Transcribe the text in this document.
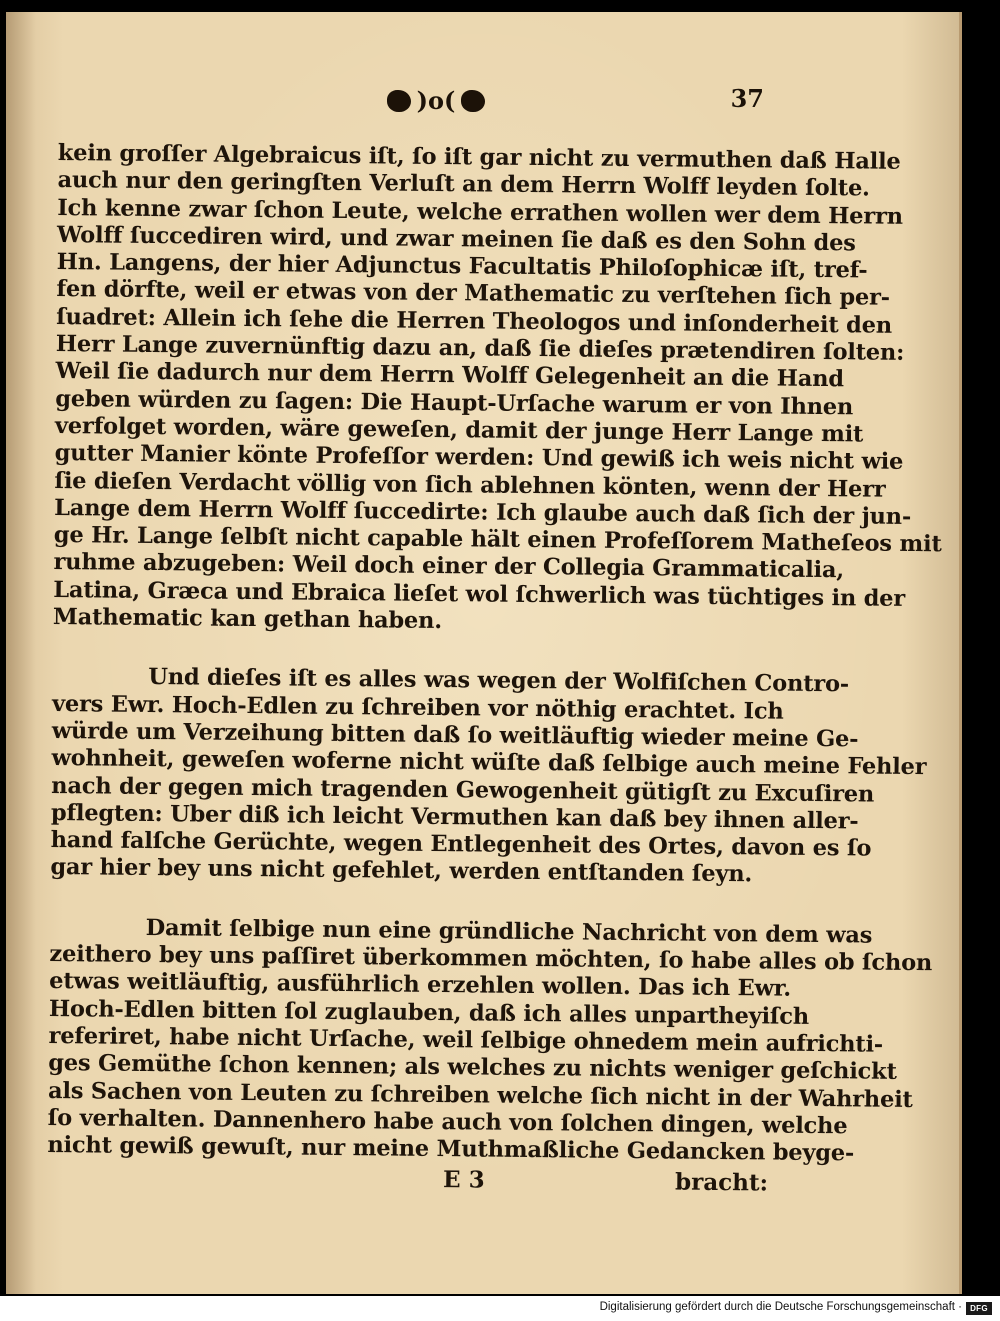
)o(	37
kein groſſer Algebraicus iſt, ſo iſt gar nicht zu vermuthen daß Halle
auch nur den geringſten Verluſt an dem Herrn Wolff leyden ſolte.
Ich kenne zwar ſchon Leute, welche errathen wollen wer dem Herrn
Wolff ſuccediren wird, und zwar meinen ſie daß es den Sohn des
Hn. Langens, der hier Adjunctus Facultatis Philoſophicæ iſt, tref-
fen dörfte, weil er etwas von der Mathematic zu verſtehen ſich per-
ſuadret: Allein ich ſehe die Herren Theologos und inſonderheit den
Herr Lange zuvernünftig dazu an, daß ſie dieſes prætendiren ſolten:
Weil ſie dadurch nur dem Herrn Wolff Gelegenheit an die Hand
geben würden zu ſagen: Die Haupt-Urſache warum er von Ihnen
verfolget worden, wäre geweſen, damit der junge Herr Lange mit
gutter Manier könte Profeſſor werden: Und gewiß ich weis nicht wie
ſie dieſen Verdacht völlig von ſich ablehnen könten, wenn der Herr
Lange dem Herrn Wolff ſuccedirte: Ich glaube auch daß ſich der jun-
ge Hr. Lange ſelbſt nicht capable hält einen Profeſſorem Matheſeos mit
ruhme abzugeben: Weil doch einer der Collegia Grammaticalia,
Latina, Græca und Ebraica lieſet wol ſchwerlich was tüchtiges in der
Mathematic kan gethan haben.
Und dieſes iſt es alles was wegen der Wolfiſchen Contro-
vers Ewr. Hoch-Edlen zu ſchreiben vor nöthig erachtet. Ich
würde um Verzeihung bitten daß ſo weitläuftig wieder meine Ge-
wohnheit, geweſen woferne nicht wüſte daß ſelbige auch meine Fehler
nach der gegen mich tragenden Gewogenheit gütigſt zu Excuſiren
pflegten: Uber diß ich leicht Vermuthen kan daß bey ihnen aller-
hand falſche Gerüchte, wegen Entlegenheit des Ortes, davon es ſo
gar hier bey uns nicht gefehlet, werden entſtanden ſeyn.
Damit ſelbige nun eine gründliche Nachricht von dem was
zeithero bey uns paſſiret überkommen möchten, ſo habe alles ob ſchon
etwas weitläuftig, ausführlich erzehlen wollen. Das ich Ewr.
Hoch-Edlen bitten ſol zuglauben, daß ich alles unpartheyiſch
referiret, habe nicht Urſache, weil ſelbige ohnedem mein aufrichti-
ges Gemüthe ſchon kennen; als welches zu nichts weniger geſchickt
als Sachen von Leuten zu ſchreiben welche ſich nicht in der Wahrheit
ſo verhalten. Dannenhero habe auch von ſolchen dingen, welche
nicht gewiß gewuſt, nur meine Muthmaßliche Gedancken beyge-
E 3	bracht:
Digitalisierung gefördert durch die Deutsche Forschungsgemeinschaft ·	DFG
